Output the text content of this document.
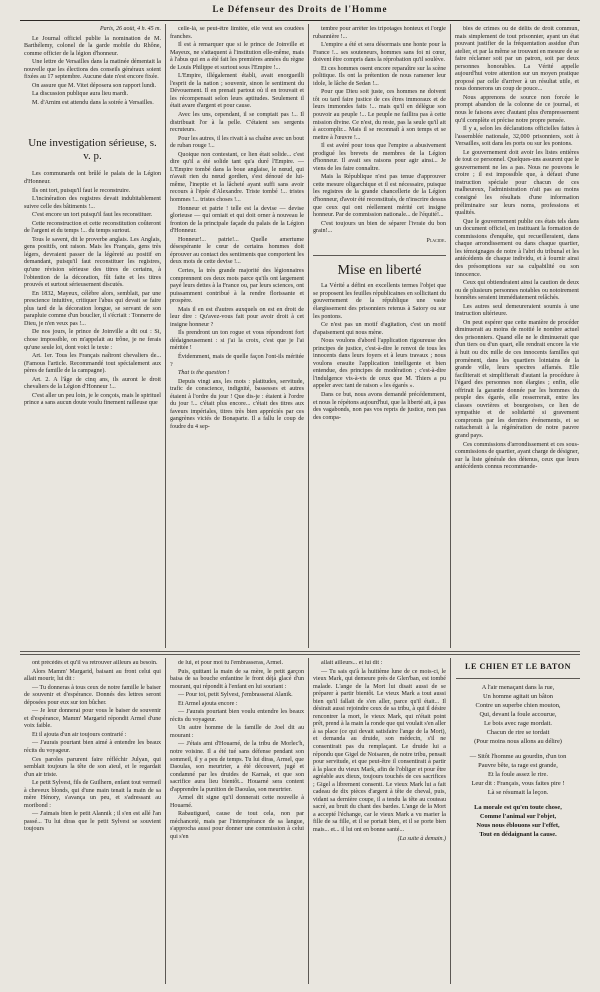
Le Défenseur des Droits de l'Homme
Paris, 26 août, 4 h. 45 m.

Le Journal officiel publie la nomination de M. Barthélemy, colonel de la garde mobile du Rhône, comme officier de la légion d'honneur.

Une lettre de Versailles dans la matinée démentait la nouvelle que les élections des conseils généraux soient fixées au 17 septembre. Aucune date n'est encore fixée.

On assure que M. Vitet déposera son rapport lundi.

La discussion publique aura lieu mardi.

M. d'Arnim est attendu dans la soirée à Versailles.

Une investigation sérieuse, s. v. p.

Les communards ont brûlé le palais de la Légion d'Honneur.

Ils ont tort, puisqu'il faut le reconstruire.

L'incinération des registres devait indubitablement suivre celle des bâtiments !...

C'est encore un tort puisqu'il faut les reconstituer.

Cette reconstruction et cette reconstitution coûteront de l'argent et du temps !... du temps surtout.

Tous le savent, dit le proverbe anglais. Les Anglais, gens positifs, ont raison. Mais les Français, gens très légers, devraient passer de la légèreté au positif en demandant, puisqu'il faut reconstituer les registres, qu'une révision sérieuse des titres de certains, à l'obtention de la décoration, fût faite et les titres prouvés et surtout sérieusement discutés.

En 1832, Mayeux, célèbre alors, semblait, par une prescience intuitive, critiquer l'abus qui devait se faire plus tard de la décoration longue, se servant de son parapluie comme d'un bouclier, il s'écriait : Tonnerre de Dieu, je n'en veux pas !...

De nos jours, le prince de Joinville a dit oui : Si, chose impossible, on m'appelait au trône, je ne ferais qu'une seule loi, dont voici le texte :

Art. 1er. Tous les Français naîtront chevaliers de... (Famous l'article. Recommandé tout spécialement aux pères de famille de la campagne).

Art. 2. A l'âge de cinq ans, ils auront le droit chevaliers de la Légion d'Honneur !...

C'est aller un peu loin, je le conçois, mais le spirituel prince a sans aucun doute voulu finement railleuse que

celle-là, se peut-être limitée, elle veut ses coudées franches.

Il est à remarquer que si le prince de Joinville et Mayeux, ne s'attaquent à l'institution elle-même, mais à l'abus qui en a été fait les premières années du règne de Louis Philippe et surtout sous l'Empire !...

L'Empire, illégalement établi, avait enorgueilli l'esprit de la nation ; souvenir, sinon le sentiment du Dévouement. Il en prenait partout où il en trouvait et les récompensait selon leurs aptitudes. Seulement il était avare d'argent et pour cause.

Avec les uns, cependant, il se comptait pas !... Il distribuait l'or à la pelle. C'étaient ses sergents recruteurs.

Pour les autres, il les rivait à sa chaîne avec un bout de ruban rouge !...

Quoique non contestant, ce lien était solide... c'est dire qu'il a été solide tant qu'a duré l'Empire. — L'Empire tombé dans la boue anglaise, le nœud, qui n'avait rien du nœud gordien, s'est dénoué de lui-même, l'ineptie et la lâcheté ayant suffi sans avoir recours à l'épée d'Alexandre. Triste tombé !... tristes hommes !... tristes choses !...

Honneur et patrie ! telle est la devise — devise glorieuse — qui orniait et qui doit orner à nouveau le fronton de la principale façade du palais de la Légion d'Honneur.

Honneur!... patrie!... Quelle amertume désespérante le cœur de certains hommes doit éprouver au contact des sentiments que comportent les deux mots de cette devise !...

Certes, la très grande majorité des légionnaires comprennent ces deux mots parce qu'ils ont largement payé leurs dettes à la France ou, par leurs sciences, ont puissamment contribué à la rendre florissante et prospère.

Mais il en est d'autres auxquels on est en droit de leur dire : Qu'avez-vous fait pour avoir droit à cet insigne honneur ?

Ils prendront un ton rogue et vous répondront fort dédaigneusement : si j'ai la croix, c'est que je l'ai méritée !

Évidemment, mais de quelle façon l'ont-ils méritée ?

That is the question !

Depuis vingt ans, les mots : platitudes, servitude, trafic de conscience, indignité, bassesses et autres étaient à l'ordre du jour ! Que dis-je : étaient à l'ordre du jour !... c'était plus encore... c'était des titres aux faveurs impériales, titres très bien appréciés par ces gangrènes viciés de Bonaparte. Il a fallu le coup de foudre du 4 sep-

tembre pour arrêter les tripotages honteux et l'orgie rubannière !...

L'empire a été et sera désormais une honte pour la France !... ses souteneurs, hommes sans foi ni cœur, doivent être compris dans la réprobation qu'il soulève.

Et ces hommes osent encore reparaître sur la scène politique. Ils ont la prétention de nous ramener leur idole, le lâche de Sedan !...

Pour que Dieu soit juste, ces hommes ne doivent tôt ou tard faire justice de ces êtres immoraux et de leurs immondes faits !... mais qu'il en délègue son pouvoir au peuple !... Le peuple ne faillira pas à cette mission divine. Ce n'est, du reste, pas la seule qu'il ait à accomplir... Mais il se reconnaît à son temps et se mettre à l'œuvre !...

Il est avéré pour tous que l'empire a abusivement prodigué les brevets de membres de la Légion d'honneur. Il avait ses raisons pour agir ainsi... Je viens de les faire connaître.

Mais la République n'est pas tenue d'approuver cette mesure oligarchique et il est nécessaire, puisque les registres de la grande chancellerie de la Légion d'honneur, d'avoir été reconstitués, de n'inscrire dessus que ceux qui ont réellement mérité cet insigne honneur. Par de commission nationale... de l'équité!...

C'est toujours un bien de séparer l'ivraie du bon grain!...

Placide.
Mise en liberté

La Vérité a défini en excellents termes l'objet que se proposent les feuilles républicaines en sollicitant du gouvernement de la république une vaste élargissement des prisonniers retenus à Satory ou sur les pontons.

Ce n'est pas un motif d'agitation, c'est un motif d'apaisement qui nous mène.

Nous voulons d'abord l'application rigoureuse des principes de justice, c'est-à-dire le renvoi de tous les innocents dans leurs foyers et à leurs travaux ; nous voulons ensuite l'application intelligente et bien entendue, des principes de modération ; c'est-à-dire l'indulgence vis-à-vis de ceux que M. Thiers a pu appeler avec tant de raison « les égarés ».

Dans ce but, nous avons demandé précédemment, et nous le répétons aujourd'hui, que la liberté ait, à pas des vagabonds, non pas vos repris de justice, non pas des compa-

bles de crimes ou de délits de droit commun, mais simplement de tout prisonnier, ayant un état pouvant justifier de la fréquentation assidue d'un atelier, et par la même se trouvant en mesure de se faire réclamer soit par un patron, soit par deux personnes honorables. La Vérité appelle aujourd'hui votre attention sur un moyen pratique proposé par celle d'arriver à un résultat utile, et nous donnerons un coup de pouce...

Nous apprenons de source non forcée le prompt abandon de la colonne de ce journal, et nous le faisons avec d'autant plus d'empressement qu'il complète et précise notre propre pensée.

Il y a, selon les déclarations officielles faites à l'assemblée nationale, 32,000 prisonniers, soit à Versailles, soit dans les ports ou sur les pontons.

Le gouvernement doit avoir les listes entières de tout ce personnel. Quelques-uns assurent que le gouvernement ne les a pas. Nous ne pouvons le croire ; il est impossible que, à défaut d'une instruction spéciale pour chacun de ces malheureux, l'administration n'ait pas au moins consigné les résultats d'une information préliminaire sur leurs noms, professions et qualités.

Que le gouvernement publie ces états tels dans un document officiel, en instituant la formation de commissions d'enquête, qui recueilleraient, dans chaque arrondissement ou dans chaque quartier, les témoignages de notre à l'abri du tribunal et les antécédents de chaque individu, et à fournir ainsi des présomptions sur sa culpabilité ou son innocence.

Ceux qui obtiendraient ainsi la caution de deux ou de plusieurs personnes notables ou notoirement honnêtes seraient immédiatement relâchés.

Les autres seul demeureraient soumis à une instruction ultérieure.

On peut espérer que cette manière de procéder diminuerait au moins de moitié le nombre actuel des prisonniers. Quand elle ne le diminuerait que d'un tiers ou d'un quart, elle rendrait encore la vie à huit ou dix mille de ces innocents familles qui promènent, dans les quartiers lointains de la grande ville, leurs spectres affamés. Elle faciliterait et simplifierait d'autant la procédure à l'égard des personnes non élargies ; enfin, elle offrirait la garantie donnée par les hommes du peuple des égarés, elle resserrerait, entre les classes ouvrières et bourgeoises, ce lien de sympathie et de solidarité si gravement compromis par les derniers événements, et se rattacherait à la régénération de notre pauvre grand pays.

Ces commissions d'arrondissement et ces sous-commissions de quartier, ayant charge de désigner, sur la liste générale des détenus, ceux que leurs antécédents connus recommande-

ont précédés et qu'il va retrouver ailleurs au besoin.

Alors Mamm' Margarid, baisant au front celui qui allait mourir, lui dit :

— Tu donneras à tous ceux de notre famille le baiser de souvenir et d'espérance. Donnés des lettres seront déposées pour eux sur ton bûcher.

— Je leur donnerai pour vous le baiser de souvenir et d'espérance, Mamm' Margarid répondit Armel d'une voix faible.

Et il ajouta d'un air toujours contrarié :

— J'aurais pourtant bien aimé à entendre les beaux récits du voyageur.

Ces paroles parurent faire réfléchir Julyan, qui semblait toujours la tête de son aïeul, et le regardait d'un air triste.

Le petit Sylvest, fils de Guilhern, enfant tout vermeil à cheveux blonds, qui d'une main tenait la main de sa mère Hénory, s'avança un peu, et s'adressant au moribond :

— J'aimais bien le petit Alannik ; il s'en est allé l'an passé... Tu lui diras que le petit Sylvest se souvient toujours

de lui, et pour moi tu l'embrasseras, Armel.

Puis, quittant la main de sa mère, le petit garçon baisa de sa bouche enfantine le front déjà glacé d'un mourant, qui répondit à l'enfant en lui souriant :

— Pour toi, petit Sylvest, j'embrasserai Alanik.

Et Armel ajouta encore :

— J'aurais pourtant bien voulu entendre les beaux récits du voyageur.

Un autre homme de la famille de Joel dit au mourant :

— J'étais ami d'Houarné, de la tribu de Morlec'h, notre voisine. Il a été tué sans défense pendant son sommeil, il y a peu de temps. Tu lui diras, Armel, que Daoulas, son meurtrier, a été découvert, jugé et condamné par les druides de Karnak, et que son sacrifice aura lieu bientôt... Houarné sera content d'apprendre la punition de Daoulas, son meurtrier.

Armel dit signe qu'il donnerait cette nouvelle à Houarné.

Rabautigued, cause de tout cela, non par méchanceté, mais par l'intempérance de sa langue, s'approcha aussi pour donner une commission à celui qui s'en

allait ailleurs... et lui dit :

— Tu sais qu'à la huitième lune de ce mois-ci, le vieux Mark, qui demeure près de Glen'ban, est tombé malade. L'ange de la Mort lui disait aussi de se préparer à partir bientôt. Le vieux Mark a tout aussi bien qu'il fallait de s'en aller, parce qu'il était... Il désirait aussi rejoindre ceux de sa tribu, à qui il désire rencontrer la mort, le vieux Mark, qui n'était point prêt, prend à la main la ronde que qui voulait s'en aller à sa place (ce qui devait satisfaire l'ange de la Mort), et demanda au druide, son médecin, s'il ne consentirait pas du remplaçant. Le druide lui a répondu que Gigel de Noisaren, de notre tribu, pensait pour servitude, et que peut-être il consentirait à partir à la place du vieux Mark, afin de l'obliger et pour être agréable aux dieux, toujours touchés de ces sacrifices ; Gigel a librement consenti. Le vieux Mark lui a fait cadeau de dix pièces d'argent à tête de cheval, puis, vidant sa dernière coupe, il a tendu la tête au couteau sacré, au bruit du chant des bardes. L'ange de la Mort a accepté l'échange, car le vieux Mark a vu marier la fille de sa fille, et il se portait bien, et il se porte bien mais... et... il lui ont en bonne santé...

(La suite à demain.)
LE CHIEN ET LE BATON
A l'air menaçant dans la rue,
Un homme agitait un bâton
Contre un superbe chien mouton,
Qui, devant la foule accourue,
Le bois avec rage mordait.
Chacun de rire se tordait
(Pour moins nous allons au délire)
— Sitôt l'homme au gourdin, d'un ton
Pauvre bête, ta rage est grande,
Et la foule assez le rire.
Leur dit : Français, vous faites pire !
Là se résumait la leçon.
La morale est qu'en toute chose,
Comme l'animal sur l'objet,
Nous nous éblouons sur l'effet,
Tout en dédaignant la cause.
